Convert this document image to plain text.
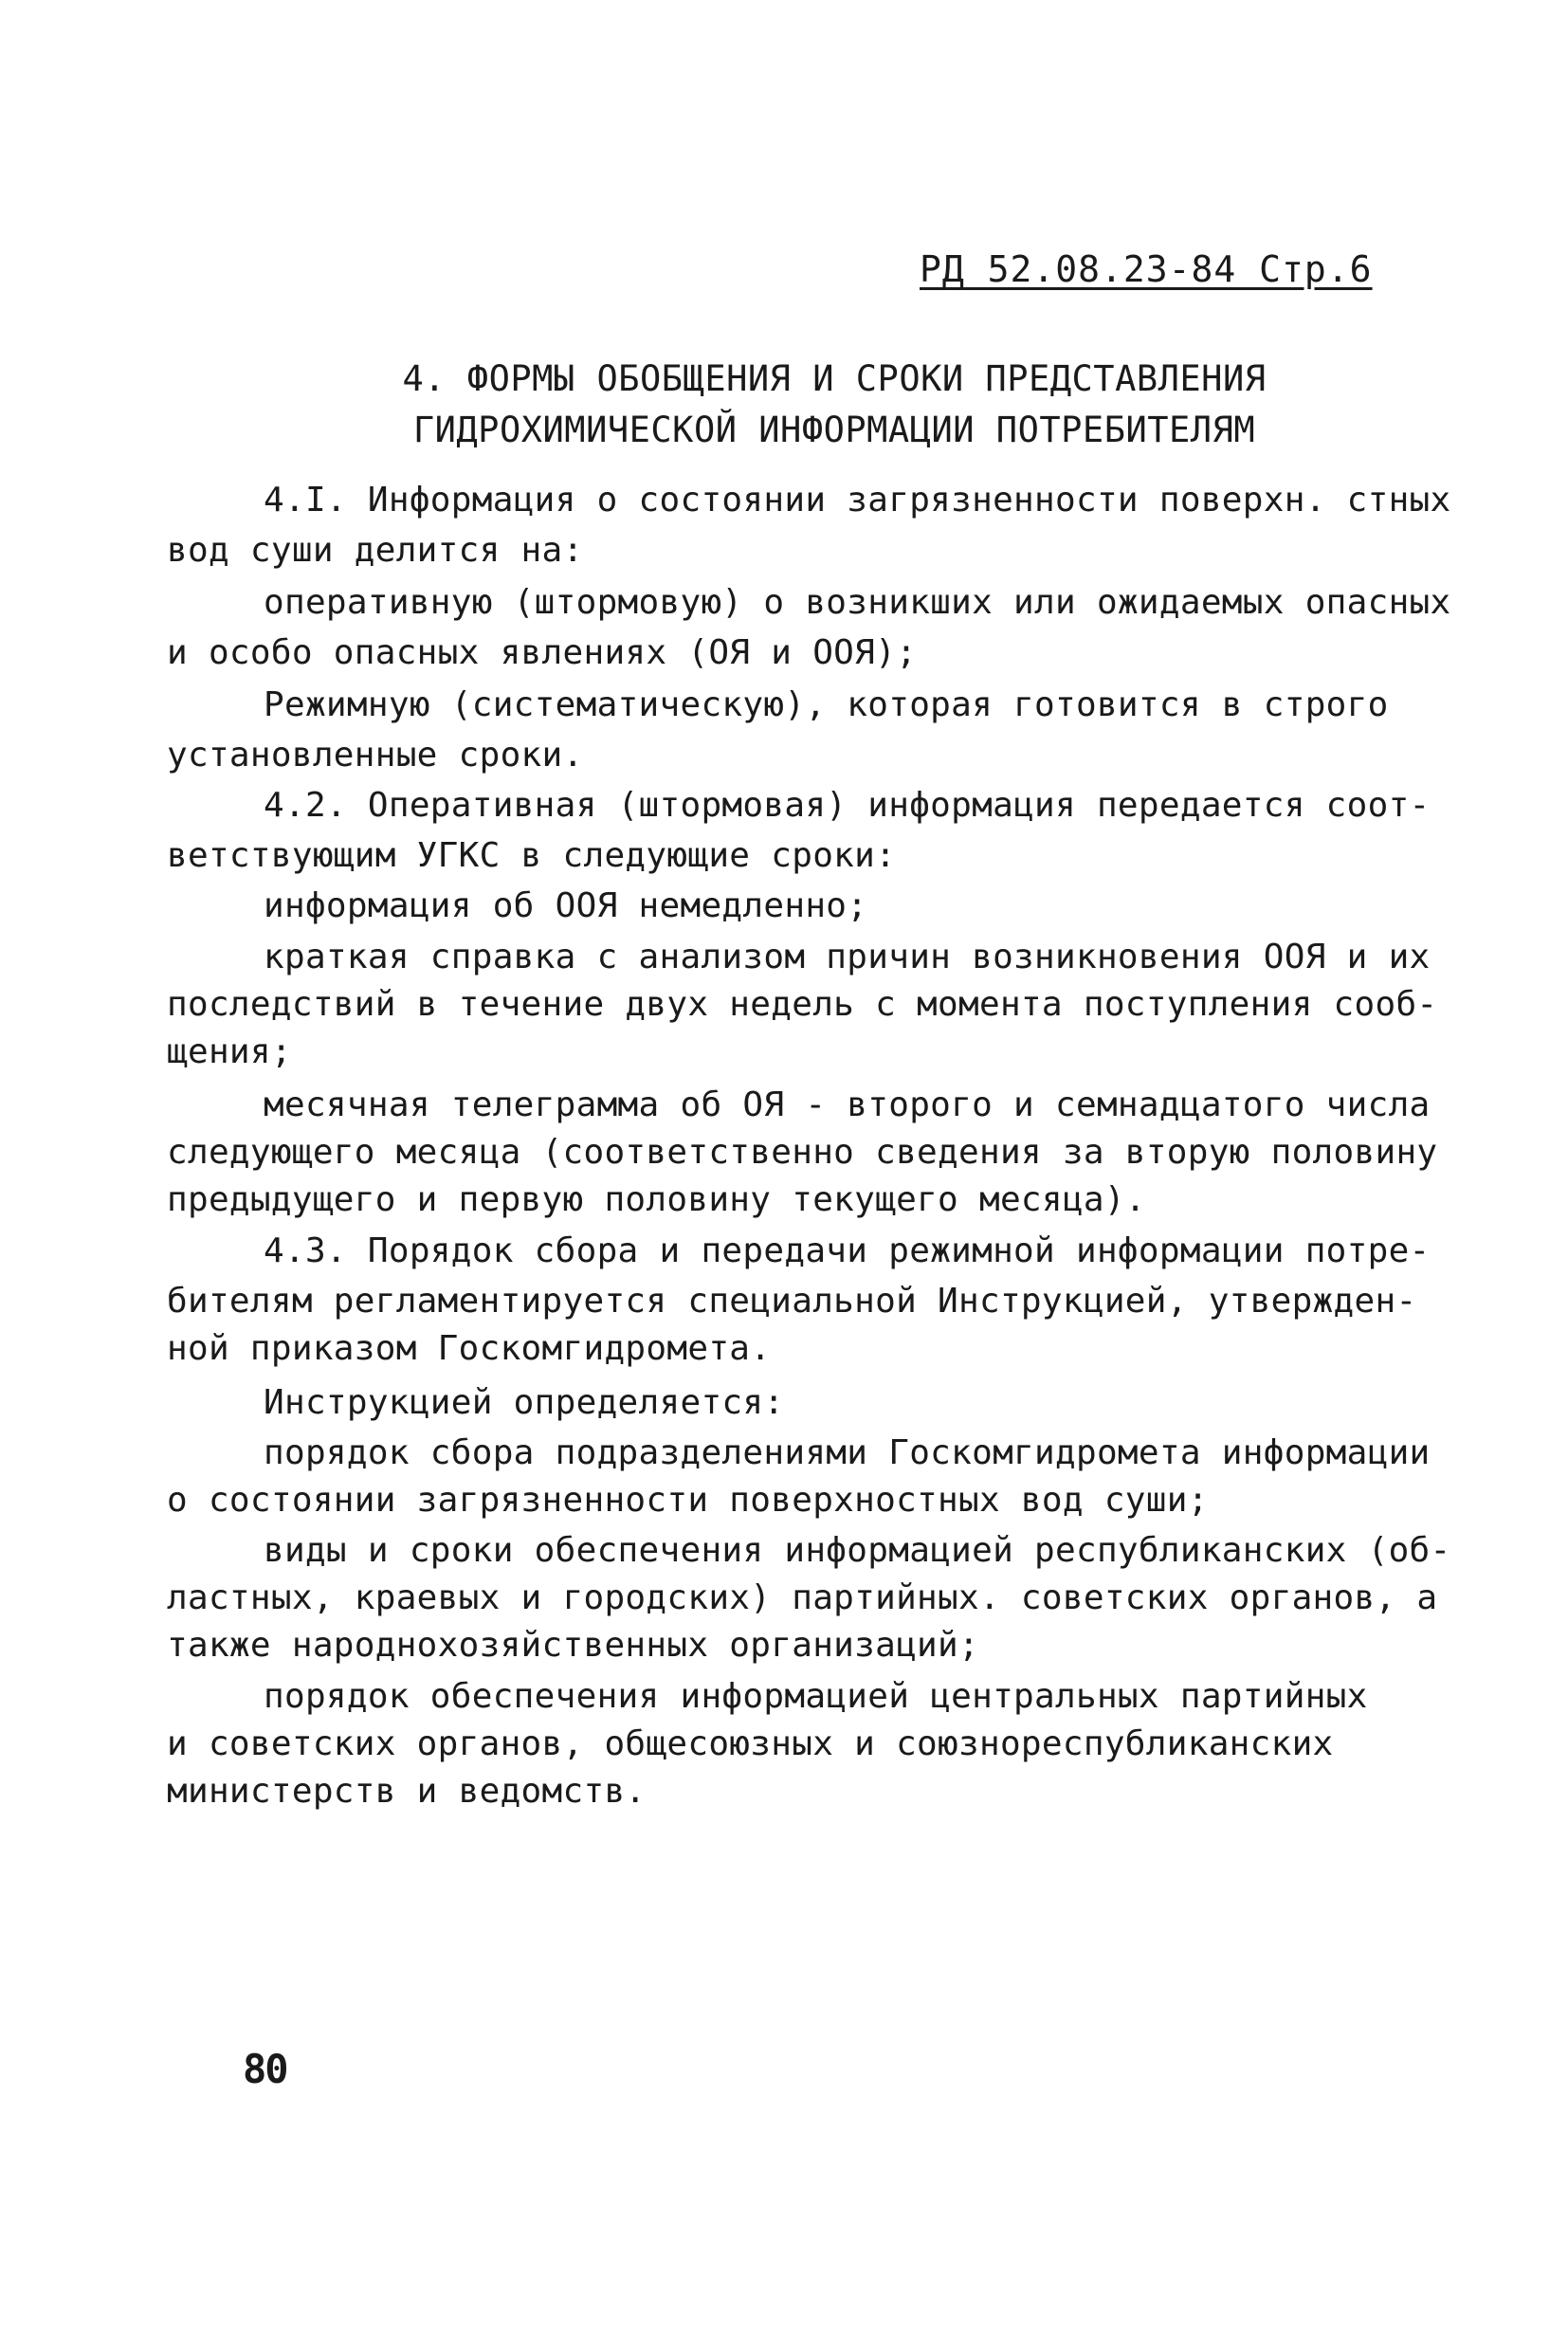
РД 52.08.23-84 Стр.6
4. ФОРМЫ ОБОБЩЕНИЯ И СРОКИ ПРЕДСТАВЛЕНИЯ
ГИДРОХИМИЧЕСКОЙ ИНФОРМАЦИИ ПОТРЕБИТЕЛЯМ
4.I. Информация о состоянии загрязненности поверхн. стных
вод суши делится на:
оперативную (штормовую) о возникших или ожидаемых опасных
и особо опасных явлениях (ОЯ и ООЯ);
Режимную (систематическую), которая готовится в строго
установленные сроки.
4.2. Оперативная (штормовая) информация передается соот-
ветствующим УГКС в следующие сроки:
информация об ООЯ немедленно;
краткая справка с анализом причин возникновения ООЯ и их
последствий в течение двух недель с момента поступления сооб-
щения;
месячная телеграмма об ОЯ - второго и семнадцатого числа
следующего месяца (соответственно сведения за вторую половину
предыдущего и первую половину текущего месяца).
4.3. Порядок сбора и передачи режимной информации потре-
бителям регламентируется специальной Инструкцией, утвержден-
ной приказом Госкомгидромета.
Инструкцией определяется:
порядок сбора подразделениями Госкомгидромета информации
о состоянии загрязненности поверхностных вод суши;
виды и сроки обеспечения информацией республиканских (об-
ластных, краевых и городских) партийных. советских органов, а
также народнохозяйственных организаций;
порядок обеспечения информацией центральных партийных
и советских органов, общесоюзных и союзнореспубликанских
министерств и ведомств.
80
